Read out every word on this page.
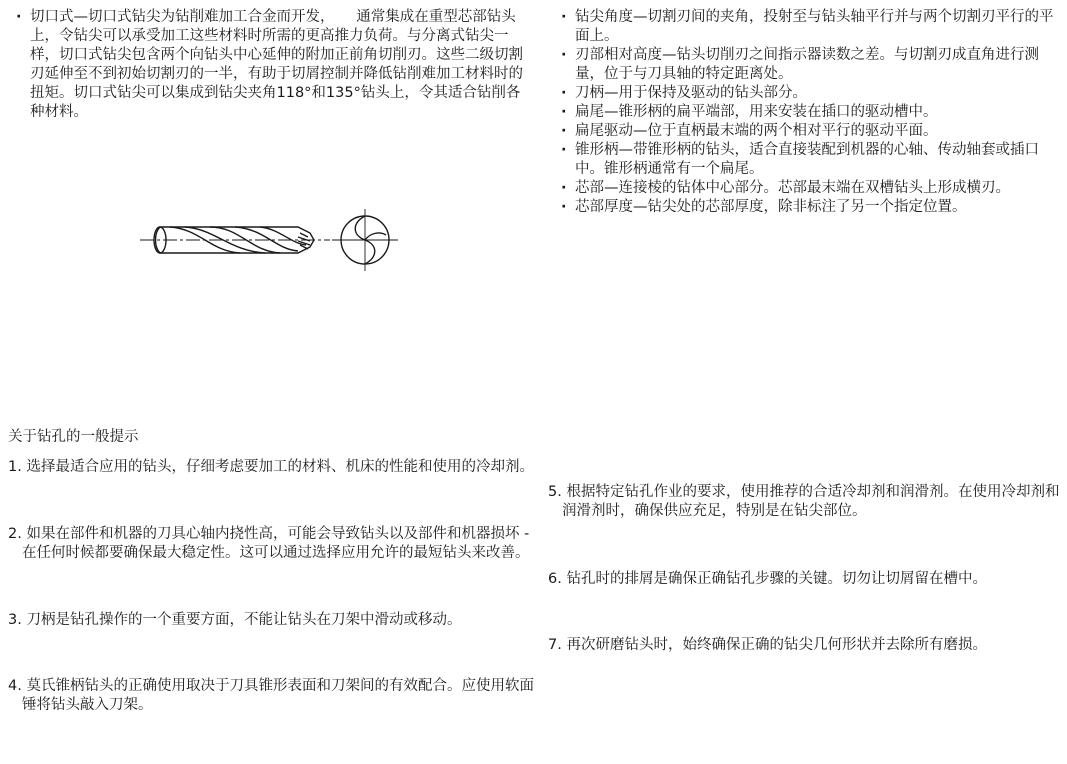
· 切口式—切口式钻尖为钻削难加工合金而开发，　　通常集成在重型芯部钻头上，令钻尖可以承受加工这些材料时所需的更高推力负荷。与分离式钻尖一样，切口式钻尖包含两个向钻头中心延伸的附加正前角切削刃。这些二级切割刃延伸至不到初始切割刃的一半，有助于切屑控制并降低钻削难加工材料时的扭矩。切口式钻尖可以集成到钻尖夹角118°和135°钻头上，令其适合钻削各种材料。
· 钻尖角度—切割刃间的夹角，投射至与钻头轴平行并与两个切割刃平行的平面上。
· 刃部相对高度—钻头切削刃之间指示器读数之差。与切割刃成直角进行测量，位于与刀具轴的特定距离处。
· 刀柄—用于保持及驱动的钻头部分。
· 扁尾—锥形柄的扁平端部，用来安装在插口的驱动槽中。
· 扁尾驱动—位于直柄最末端的两个相对平行的驱动平面。
· 锥形柄—带锥形柄的钻头，适合直接装配到机器的心轴、传动轴套或插口中。锥形柄通常有一个扁尾。
· 芯部—连接棱的钻体中心部分。芯部最末端在双槽钻头上形成横刃。
· 芯部厚度—钻尖处的芯部厚度，除非标注了另一个指定位置。
关于钻孔的一般提示
1. 选择最适合应用的钻头，仔细考虑要加工的材料、机床的性能和使用的冷却剂。
2. 如果在部件和机器的刀具心轴内挠性高，可能会导致钻头以及部件和机器损坏 - 在任何时候都要确保最大稳定性。这可以通过选择应用允许的最短钻头来改善。
3. 刀柄是钻孔操作的一个重要方面，不能让钻头在刀架中滑动或移动。
4. 莫氏锥柄钻头的正确使用取决于刀具锥形表面和刀架间的有效配合。应使用软面锤将钻头敲入刀架。
5. 根据特定钻孔作业的要求，使用推荐的合适冷却剂和润滑剂。在使用冷却剂和润滑剂时，确保供应充足，特别是在钻尖部位。
6. 钻孔时的排屑是确保正确钻孔步骤的关键。切勿让切屑留在槽中。
7. 再次研磨钻头时，始终确保正确的钻尖几何形状并去除所有磨损。
